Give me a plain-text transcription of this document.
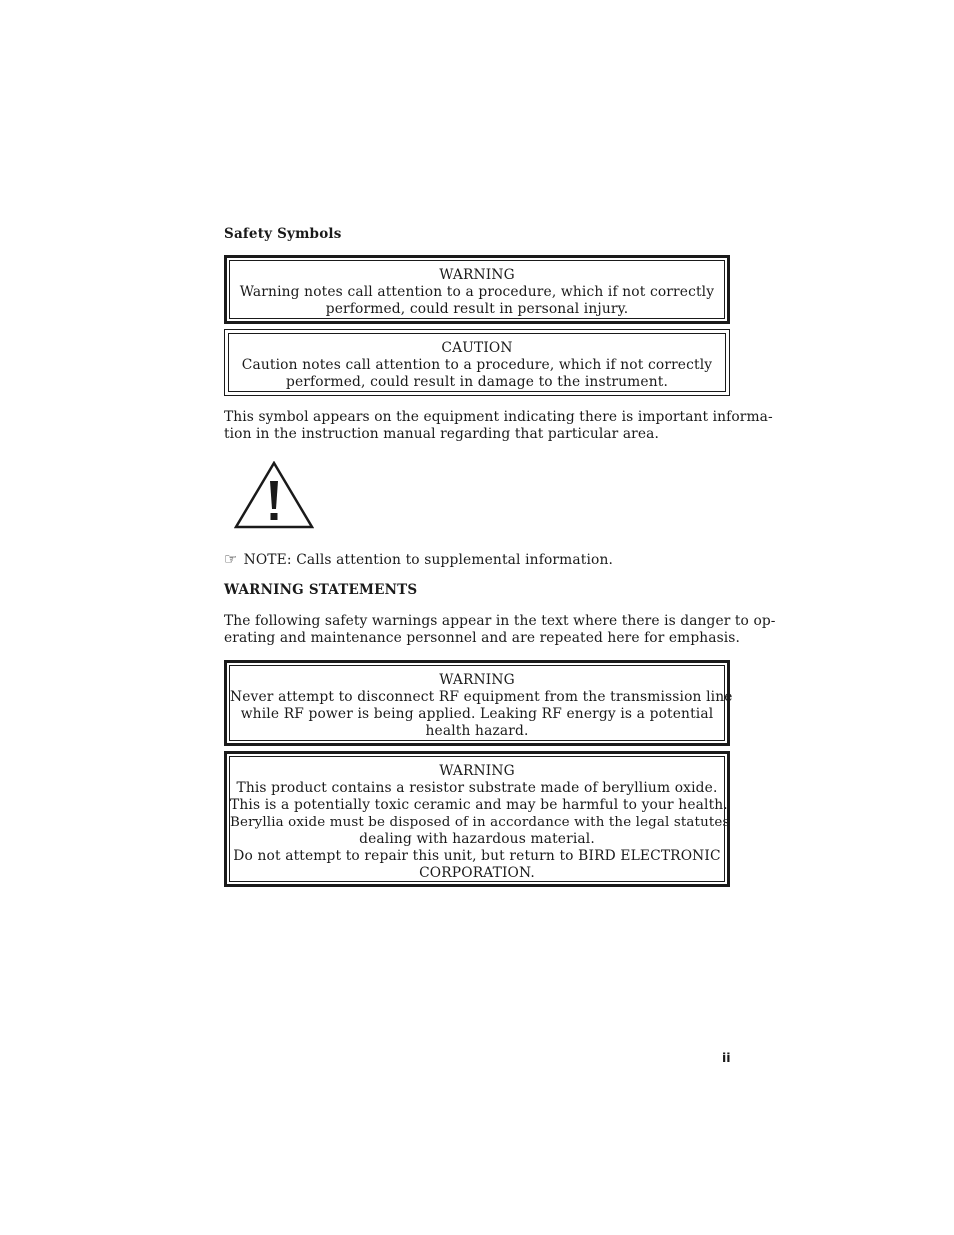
Safety Symbols
WARNING
Warning notes call attention to a procedure, which if not correctly
performed, could result in personal injury.
CAUTION
Caution notes call attention to a procedure, which if not correctly
performed, could result in damage to the instrument.
This symbol appears on the equipment indicating there is important informa-
tion in the instruction manual regarding that particular area.
☞ NOTE: Calls attention to supplemental information.
WARNING STATEMENTS
The following safety warnings appear in the text where there is danger to op-
erating and maintenance personnel and are repeated here for emphasis.
WARNING
Never attempt to disconnect RF equipment from the transmission line
while RF power is being applied. Leaking RF energy is a potential
health hazard.
WARNING
This product contains a resistor substrate made of beryllium oxide.
This is a potentially toxic ceramic and may be harmful to your health.
Beryllia oxide must be disposed of in accordance with the legal statutes
dealing with hazardous material.
Do not attempt to repair this unit, but return to BIRD ELECTRONIC
CORPORATION.
ii
